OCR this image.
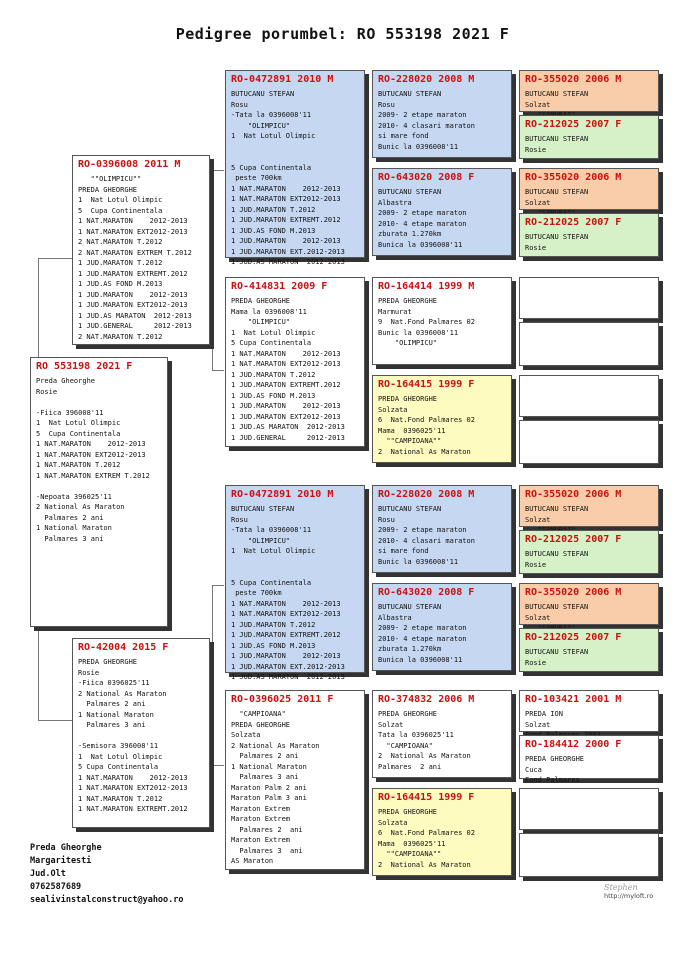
Pedigree porumbel: RO 553198 2021 F
RO 553198 2021 F
Preda Gheorghe
Rosie

-Fiica 396008'11
1  Nat Lotul Olimpic
5  Cupa Continentala
1 NAT.MARATON    2012-2013
1 NAT.MARATON EXT2012-2013
1 NAT.MARATON T.2012
1 NAT.MARATON EXTREM T.2012

-Nepoata 396025'11
2 National As Maraton
Palmares 2 ani
1 National Maraton
Palmares 3 ani
RO-0396008 2011 M
""OLIMPICU""
PREDA GHEORGHE
1  Nat Lotul Olimpic
5  Cupa Continentala
1 NAT.MARATON    2012-2013
1 NAT.MARATON EXT2012-2013
2 NAT.MARATON T.2012
2 NAT.MARATON EXTREM T.2012
1 JUD.MARATON T.2012
1 JUD.MARATON EXTREMT.2012
1 JUD.AS FOND M.2013
1 JUD.MARATON    2012-2013
1 JUD.MARATON EXT2012-2013
1 JUD.AS MARATON  2012-2013
1 JUD.GENERAL     2012-2013
2 NAT.MARATON T.2012
RO-42004 2015 F
PREDA GHEORGHE
Rosie
-Fiica 0396025'11
2 National As Maraton
Palmares 2 ani
1 National Maraton
Palmares 3 ani

-Semisora 396008'11
1  Nat Lotul Olimpic
5 Cupa Continentala
1 NAT.MARATON    2012-2013
1 NAT.MARATON EXT2012-2013
1 NAT.MARATON T.2012
1 NAT.MARATON EXTREMT.2012
RO-0472891 2010 M
BUTUCANU STEFAN
Rosu
-Tata la 0396008'11
"OLIMPICU"
1  Nat Lotul Olimpic

5 Cupa Continentala
peste 700km
1 NAT.MARATON    2012-2013
1 NAT.MARATON EXT2012-2013
1 JUD.MARATON T.2012
1 JUD.MARATON EXTREMT.2012
1 JUD.AS FOND M.2013
1 JUD.MARATON    2012-2013
1 JUD.MARATON EXT.2012-2013
1 JUD.AS MARATON  2012-2013
RO-414831 2009 F
PREDA GHEORGHE
Mama la 0396008'11
"OLIMPICU"
1  Nat Lotul Olimpic
5 Cupa Continentala
1 NAT.MARATON    2012-2013
1 NAT.MARATON EXT2012-2013
1 JUD.MARATON T.2012
1 JUD.MARATON EXTREMT.2012
1 JUD.AS FOND M.2013
1 JUD.MARATON    2012-2013
1 JUD.MARATON EXT2012-2013
1 JUD.AS MARATON  2012-2013
1 JUD.GENERAL     2012-2013
RO-0472891 2010 M
BUTUCANU STEFAN
Rosu
-Tata la 0396008'11
"OLIMPICU"
1  Nat Lotul Olimpic

5 Cupa Continentala
peste 700km
1 NAT.MARATON    2012-2013
1 NAT.MARATON EXT2012-2013
1 JUD.MARATON T.2012
1 JUD.MARATON EXTREMT.2012
1 JUD.AS FOND M.2013
1 JUD.MARATON    2012-2013
1 JUD.MARATON EXT.2012-2013
1 JUD.AS MARATON  2012-2013
RO-0396025 2011 F
"CAMPIOANA"
PREDA GHEORGHE
Solzata
2 National As Maraton
Palmares 2 ani
1 National Maraton
Palmares 3 ani
Maraton Palm 2 ani
Maraton Palm 3 ani
Maraton Extrem
Maraton Extrem
Palmares 2  ani
Maraton Extrem
Palmares 3  ani
AS Maraton
RO-228020 2008 M
BUTUCANU STEFAN
Rosu
2009- 2 etape maraton
2010- 4 clasari maraton
si mare fond
Bunic la 0396008'11
RO-643020 2008 F
BUTUCANU STEFAN
Albastra
2009- 2 etape maraton
2010- 4 etape maraton
zburata 1.270km
Bunica la 0396008'11
RO-164414 1999 M
PREDA GHEORGHE
Marmurat
9  Nat.Fond Palmares 02
Bunic la 0396008'11
"OLIMPICU"
RO-164415 1999 F
PREDA GHEORGHE
Solzata
6  Nat.Fond Palmares 02
Mama  0396025'11
""CAMPIOANA""
2  National As Maraton
RO-228020 2008 M
BUTUCANU STEFAN
Rosu
2009- 2 etape maraton
2010- 4 clasari maraton
si mare fond
Bunic la 0396008'11
RO-643020 2008 F
BUTUCANU STEFAN
Albastra
2009- 2 etape maraton
2010- 4 etape maraton
zburata 1.270km
Bunica la 0396008'11
RO-374832 2006 M
PREDA GHEORGHE
Solzat
Tata la 0396025'11
"CAMPIOANA"
2  National As Maraton
Palmares  2 ani
RO-164415 1999 F
PREDA GHEORGHE
Solzata
6  Nat.Fond Palmares 02
Mama  0396025'11
""CAMPIOANA""
2  National As Maraton
RO-355020 2006 M
BUTUCANU STEFAN
Solzat

RO-212025 2007 F
BUTUCANU STEFAN
Rosie
RO-355020 2006 M
BUTUCANU STEFAN
Solzat

RO-212025 2007 F
BUTUCANU STEFAN
Rosie
RO-355020 2006 M
BUTUCANU STEFAN
Solzat

RO-212025 2007 F
BUTUCANU STEFAN
Rosie
RO-355020 2006 M
BUTUCANU STEFAN
Solzat

RO-212025 2007 F
BUTUCANU STEFAN
Rosie
RO-103421 2001 M
PREDA ION
Solzat

RO-184412 2000 F
PREDA GHEORGHE
Cuca
Fond Palmares
Preda Gheorghe
Margaritesti
Jud.Olt
0762587689
sealivinstalconstruct@yahoo.ro
Stephen
http://myloft.ro
